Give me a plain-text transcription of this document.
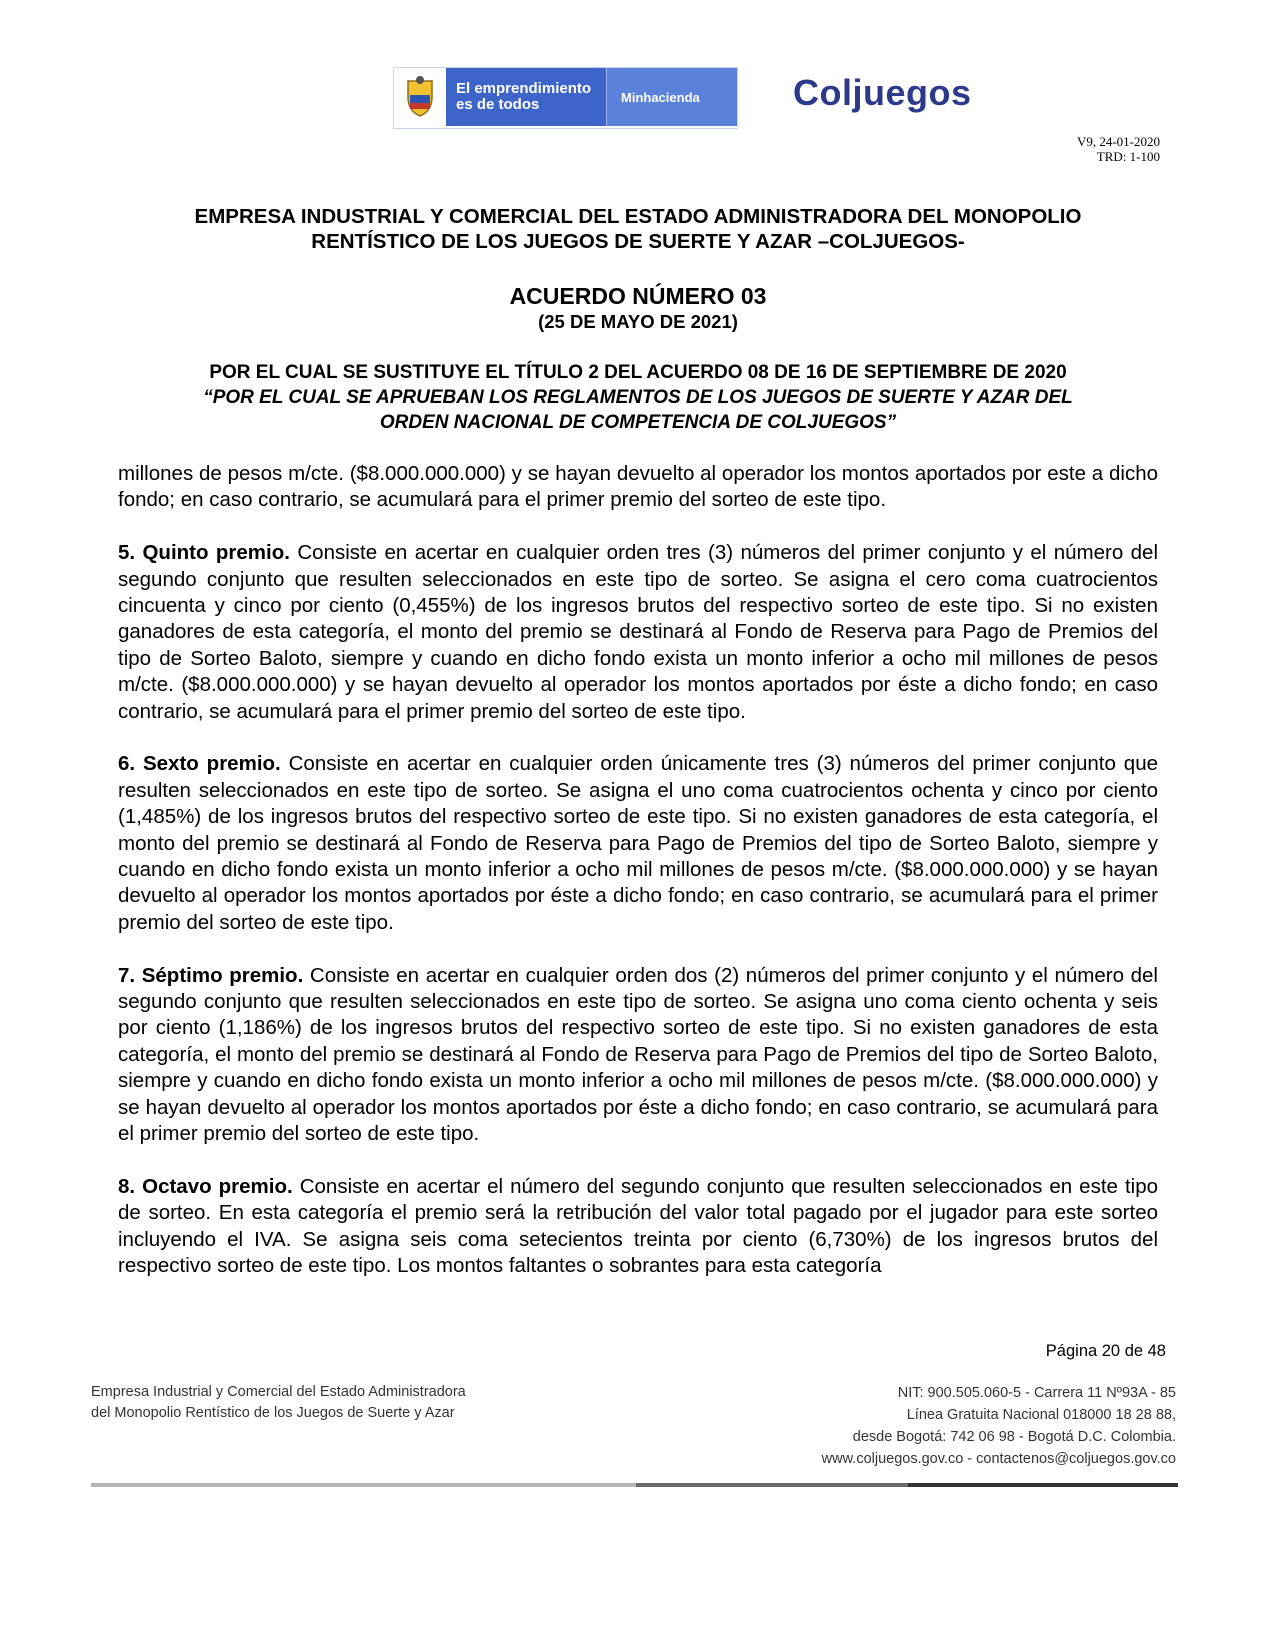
El emprendimiento
es de todos	Minhacienda	Coljuegos
V9, 24-01-2020
TRD: 1-100
EMPRESA INDUSTRIAL Y COMERCIAL DEL ESTADO ADMINISTRADORA DEL MONOPOLIO
RENTÍSTICO DE LOS JUEGOS DE SUERTE Y AZAR –COLJUEGOS-
ACUERDO NÚMERO 03
(25 DE MAYO DE 2021)
POR EL CUAL SE SUSTITUYE EL TÍTULO 2 DEL ACUERDO 08 DE 16 DE SEPTIEMBRE DE 2020
“POR EL CUAL SE APRUEBAN LOS REGLAMENTOS DE LOS JUEGOS DE SUERTE Y AZAR DEL
ORDEN NACIONAL DE COMPETENCIA DE COLJUEGOS”

millones de pesos m/cte. ($8.000.000.000) y se hayan devuelto al operador los montos aportados por este a dicho fondo; en caso contrario, se acumulará para el primer premio del sorteo de este tipo.

5. Quinto premio. Consiste en acertar en cualquier orden tres (3) números del primer conjunto y el número del segundo conjunto que resulten seleccionados en este tipo de sorteo. Se asigna el cero coma cuatrocientos cincuenta y cinco por ciento (0,455%) de los ingresos brutos del respectivo sorteo de este tipo. Si no existen ganadores de esta categoría, el monto del premio se destinará al Fondo de Reserva para Pago de Premios del tipo de Sorteo Baloto, siempre y cuando en dicho fondo exista un monto inferior a ocho mil millones de pesos m/cte. ($8.000.000.000) y se hayan devuelto al operador los montos aportados por éste a dicho fondo; en caso contrario, se acumulará para el primer premio del sorteo de este tipo.

6. Sexto premio. Consiste en acertar en cualquier orden únicamente tres (3) números del primer conjunto que resulten seleccionados en este tipo de sorteo. Se asigna el uno coma cuatrocientos ochenta y cinco por ciento (1,485%) de los ingresos brutos del respectivo sorteo de este tipo. Si no existen ganadores de esta categoría, el monto del premio se destinará al Fondo de Reserva para Pago de Premios del tipo de Sorteo Baloto, siempre y cuando en dicho fondo exista un monto inferior a ocho mil millones de pesos m/cte. ($8.000.000.000) y se hayan devuelto al operador los montos aportados por éste a dicho fondo; en caso contrario, se acumulará para el primer premio del sorteo de este tipo.

7. Séptimo premio. Consiste en acertar en cualquier orden dos (2) números del primer conjunto y el número del segundo conjunto que resulten seleccionados en este tipo de sorteo. Se asigna uno coma ciento ochenta y seis por ciento (1,186%) de los ingresos brutos del respectivo sorteo de este tipo. Si no existen ganadores de esta categoría, el monto del premio se destinará al Fondo de Reserva para Pago de Premios del tipo de Sorteo Baloto, siempre y cuando en dicho fondo exista un monto inferior a ocho mil millones de pesos m/cte. ($8.000.000.000) y se hayan devuelto al operador los montos aportados por éste a dicho fondo; en caso contrario, se acumulará para el primer premio del sorteo de este tipo.

8. Octavo premio. Consiste en acertar el número del segundo conjunto que resulten seleccionados en este tipo de sorteo. En esta categoría el premio será la retribución del valor total pagado por el jugador para este sorteo incluyendo el IVA. Se asigna seis coma setecientos treinta por ciento (6,730%) de los ingresos brutos del respectivo sorteo de este tipo. Los montos faltantes o sobrantes para esta categoría

Página 20 de 48
Empresa Industrial y Comercial del Estado Administradora
del Monopolio Rentístico de los Juegos de Suerte y Azar
NIT: 900.505.060-5 - Carrera 11 Nº93A - 85
Línea Gratuita Nacional 018000 18 28 88,
desde Bogotá: 742 06 98 - Bogotá D.C. Colombia.
www.coljuegos.gov.co - contactenos@coljuegos.gov.co
